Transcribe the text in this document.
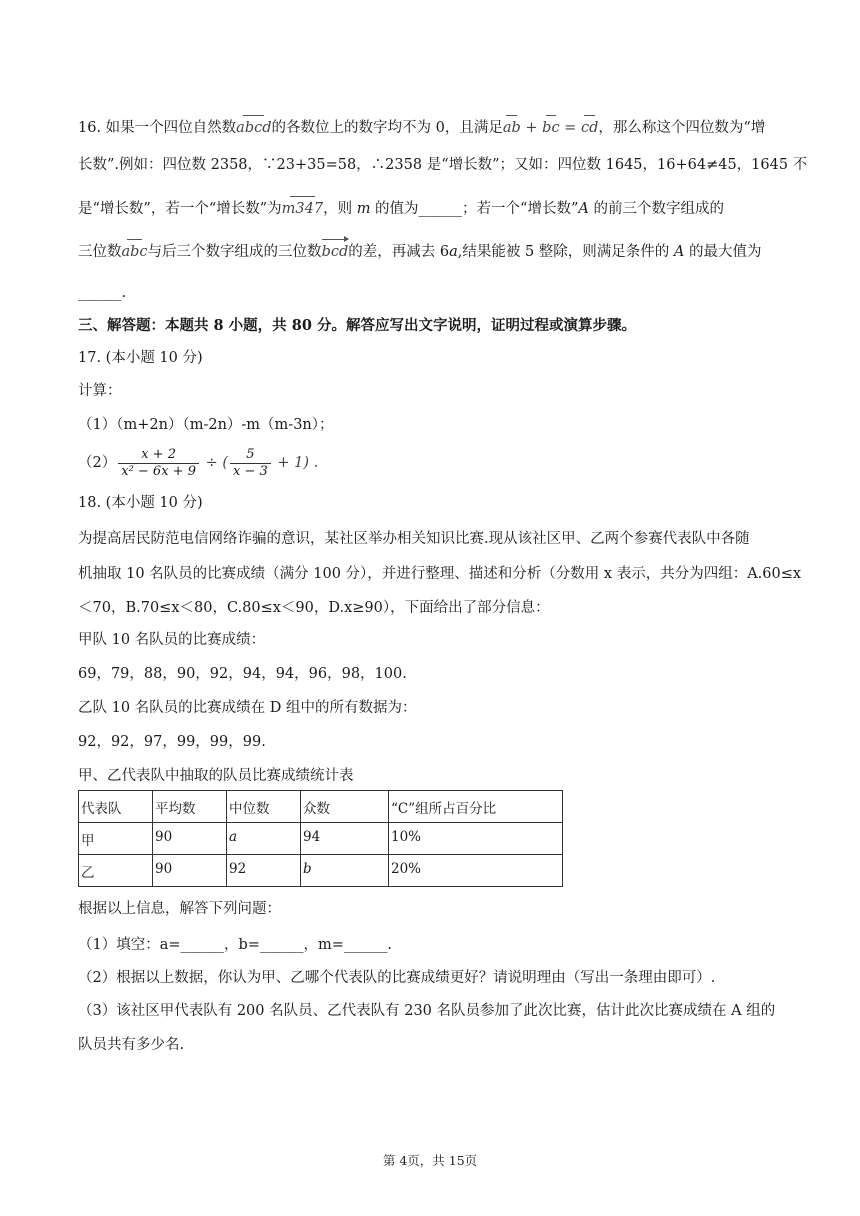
16. 如果一个四位自然数abcd的各数位上的数字均不为 0，且满足ab + bc = cd，那么称这个四位数为“增
长数”.例如：四位数 2358，∵23+35=58，∴2358 是“增长数”；又如：四位数 1645，16+64≠45，1645 不
是“增长数”，若一个“增长数”为m347，则 m 的值为______；若一个“增长数”A 的前三个数字组成的
三位数abc与后三个数字组成的三位数bcd的差，再减去 6a,结果能被 5 整除，则满足条件的 A 的最大值为
______.
三、解答题：本题共 8 小题，共 80 分。解答应写出文字说明，证明过程或演算步骤。
17. (本小题 10 分)
计算：
（1）（m+2n）（m-2n）-m（m-3n）；
$(2) \frac{x + 2}{\text{x² − 6x + 9}}$ ÷ ( $\frac{5}{x - 3} + 1$) .
18. (本小题 10 分)
为提高居民防范电信网络诈骗的意识，某社区举办相关知识比赛.现从该社区甲、乙两个参赛代表队中各随
机抽取 10 名队员的比赛成绩（满分 100 分），并进行整理、描述和分析（分数用 x 表示，共分为四组：A.60≤x
＜70，B.70≤x＜80，C.80≤x＜90，D.x≥90），下面给出了部分信息：
甲队 10 名队员的比赛成绩：
69，79，88，90，92，94，94，96，98，100.
乙队 10 名队员的比赛成绩在 D 组中的所有数据为：
92，92，97，99，99，99.
甲、乙代表队中抽取的队员比赛成绩统计表
代表队	平均数	中位数	众数	“C”组所占百分比
甲	90	a	94	10%
乙	90	92	b	20%
根据以上信息，解答下列问题：
（1）填空：a=______，b=______，m=______.
（2）根据以上数据，你认为甲、乙哪个代表队的比赛成绩更好？请说明理由（写出一条理由即可）.
（3）该社区甲代表队有 200 名队员、乙代表队有 230 名队员参加了此次比赛，估计此次比赛成绩在 A 组的
队员共有多少名.
第 4页，共 15页
